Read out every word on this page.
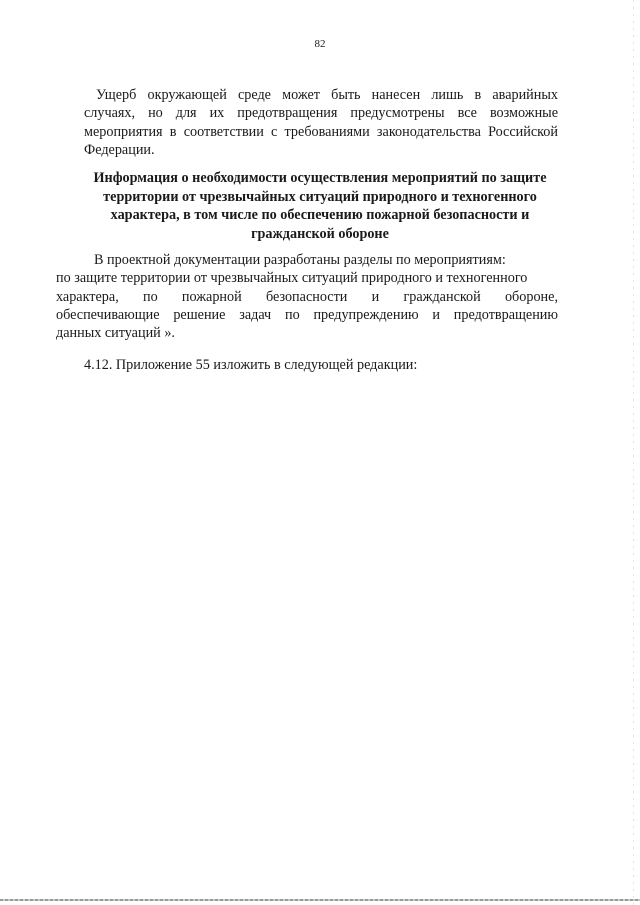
82
Ущерб окружающей среде может быть нанесен лишь в аварийных
случаях, но для их предотвращения предусмотрены все возможные
мероприятия в соответствии с требованиями законодательства Российской
Федерации.
Информация о необходимости осуществления мероприятий по защите
территории от чрезвычайных ситуаций природного и техногенного
характера, в том числе по обеспечению пожарной безопасности и
гражданской обороне
В проектной документации разработаны разделы по мероприятиям:
по защите территории от чрезвычайных ситуаций природного и техногенного
характера, по пожарной безопасности и гражданской обороне,
обеспечивающие решение задач по предупреждению и предотвращению
данных ситуаций ».
4.12. Приложение 55 изложить в следующей редакции:
